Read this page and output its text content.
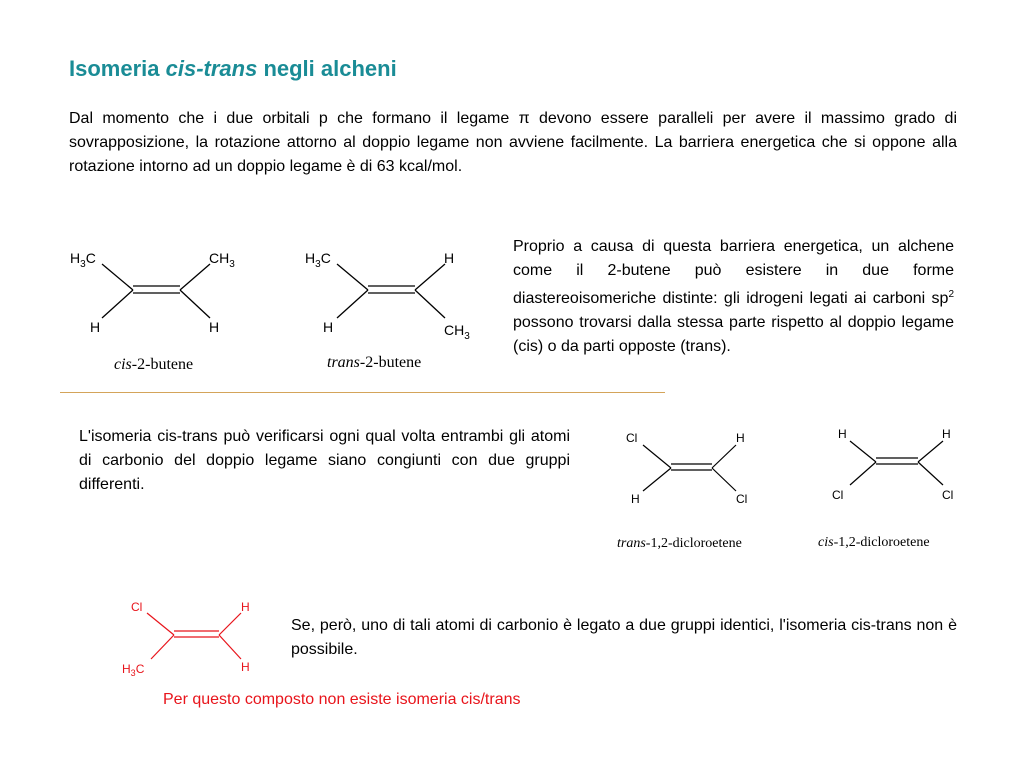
Isomeria cis-trans negli alcheni
Dal momento che i due orbitali p che formano il legame π devono essere paralleli per avere il massimo grado di sovrapposizione, la rotazione attorno al doppio legame non avviene facilmente. La barriera energetica che si oppone alla rotazione intorno ad un doppio legame è di 63 kcal/mol.
$H_3C$	$CH_3$
H	H
cis-2-butene
$H_3C$	H
H	$CH_3$
trans-2-butene
Proprio a causa di questa barriera energetica, un alchene come il 2-butene può esistere in due forme diastereoisomeriche distinte: gli idrogeni legati ai carboni $sp^2$ possono trovarsi dalla stessa parte rispetto al doppio legame (cis) o da parti opposte (trans).
L'isomeria cis-trans può verificarsi ogni qual volta entrambi gli atomi di carbonio del doppio legame siano congiunti con due gruppi differenti.
Cl	H
H	Cl
trans-1,2-dicloroetene
H	H
Cl	Cl
cis-1,2-dicloroetene
Cl	H
$H_3C$	H
Se, però, uno di tali atomi di carbonio è legato a due gruppi identici, l'isomeria cis-trans non è possibile.
Per questo composto non esiste isomeria cis/trans
